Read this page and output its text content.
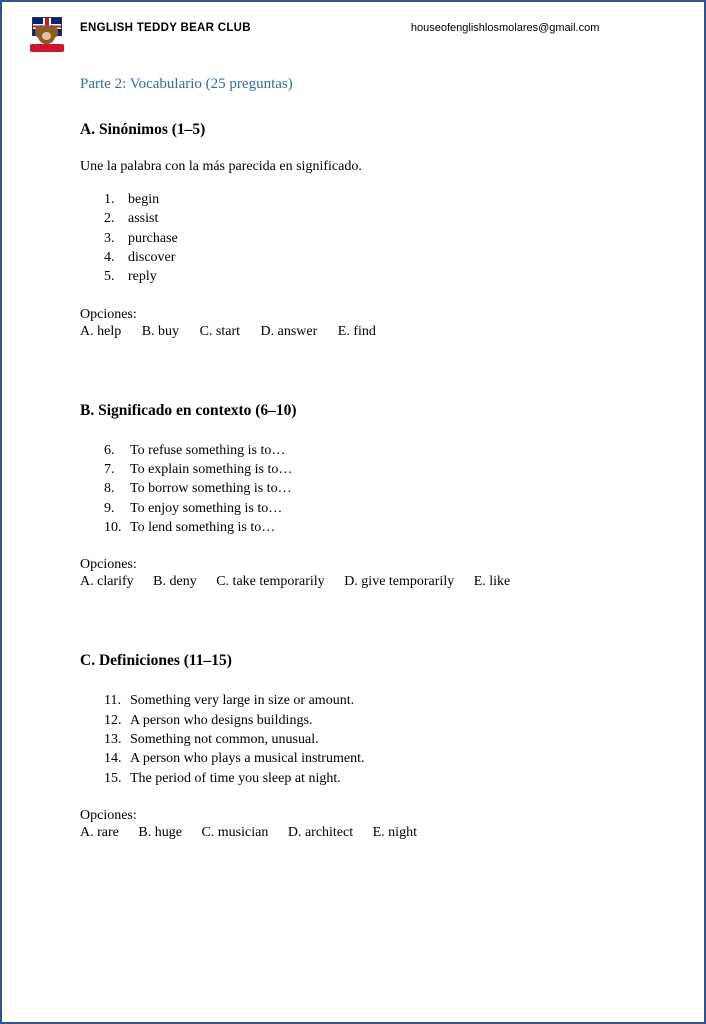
ENGLISH TEDDY BEAR CLUB	houseofenglishlosmolares@gmail.com
Parte 2: Vocabulario (25 preguntas)
A. Sinónimos (1–5)
Une la palabra con la más parecida en significado.
1. begin
2. assist
3. purchase
4. discover
5. reply
Opciones:
A. help B. buy C. start D. answer E. find
B. Significado en contexto (6–10)
6.	To refuse something is to…
7.	To explain something is to…
8.	To borrow something is to…
9.	To enjoy something is to…
10. To lend something is to…
Opciones:
A. clarify B. deny C. take temporarily D. give temporarily E. like
C. Definiciones (11–15)
11. Something very large in size or amount.
12. A person who designs buildings.
13. Something not common, unusual.
14. A person who plays a musical instrument.
15. The period of time you sleep at night.
Opciones:
A. rare B. huge C. musician D. architect E. night
